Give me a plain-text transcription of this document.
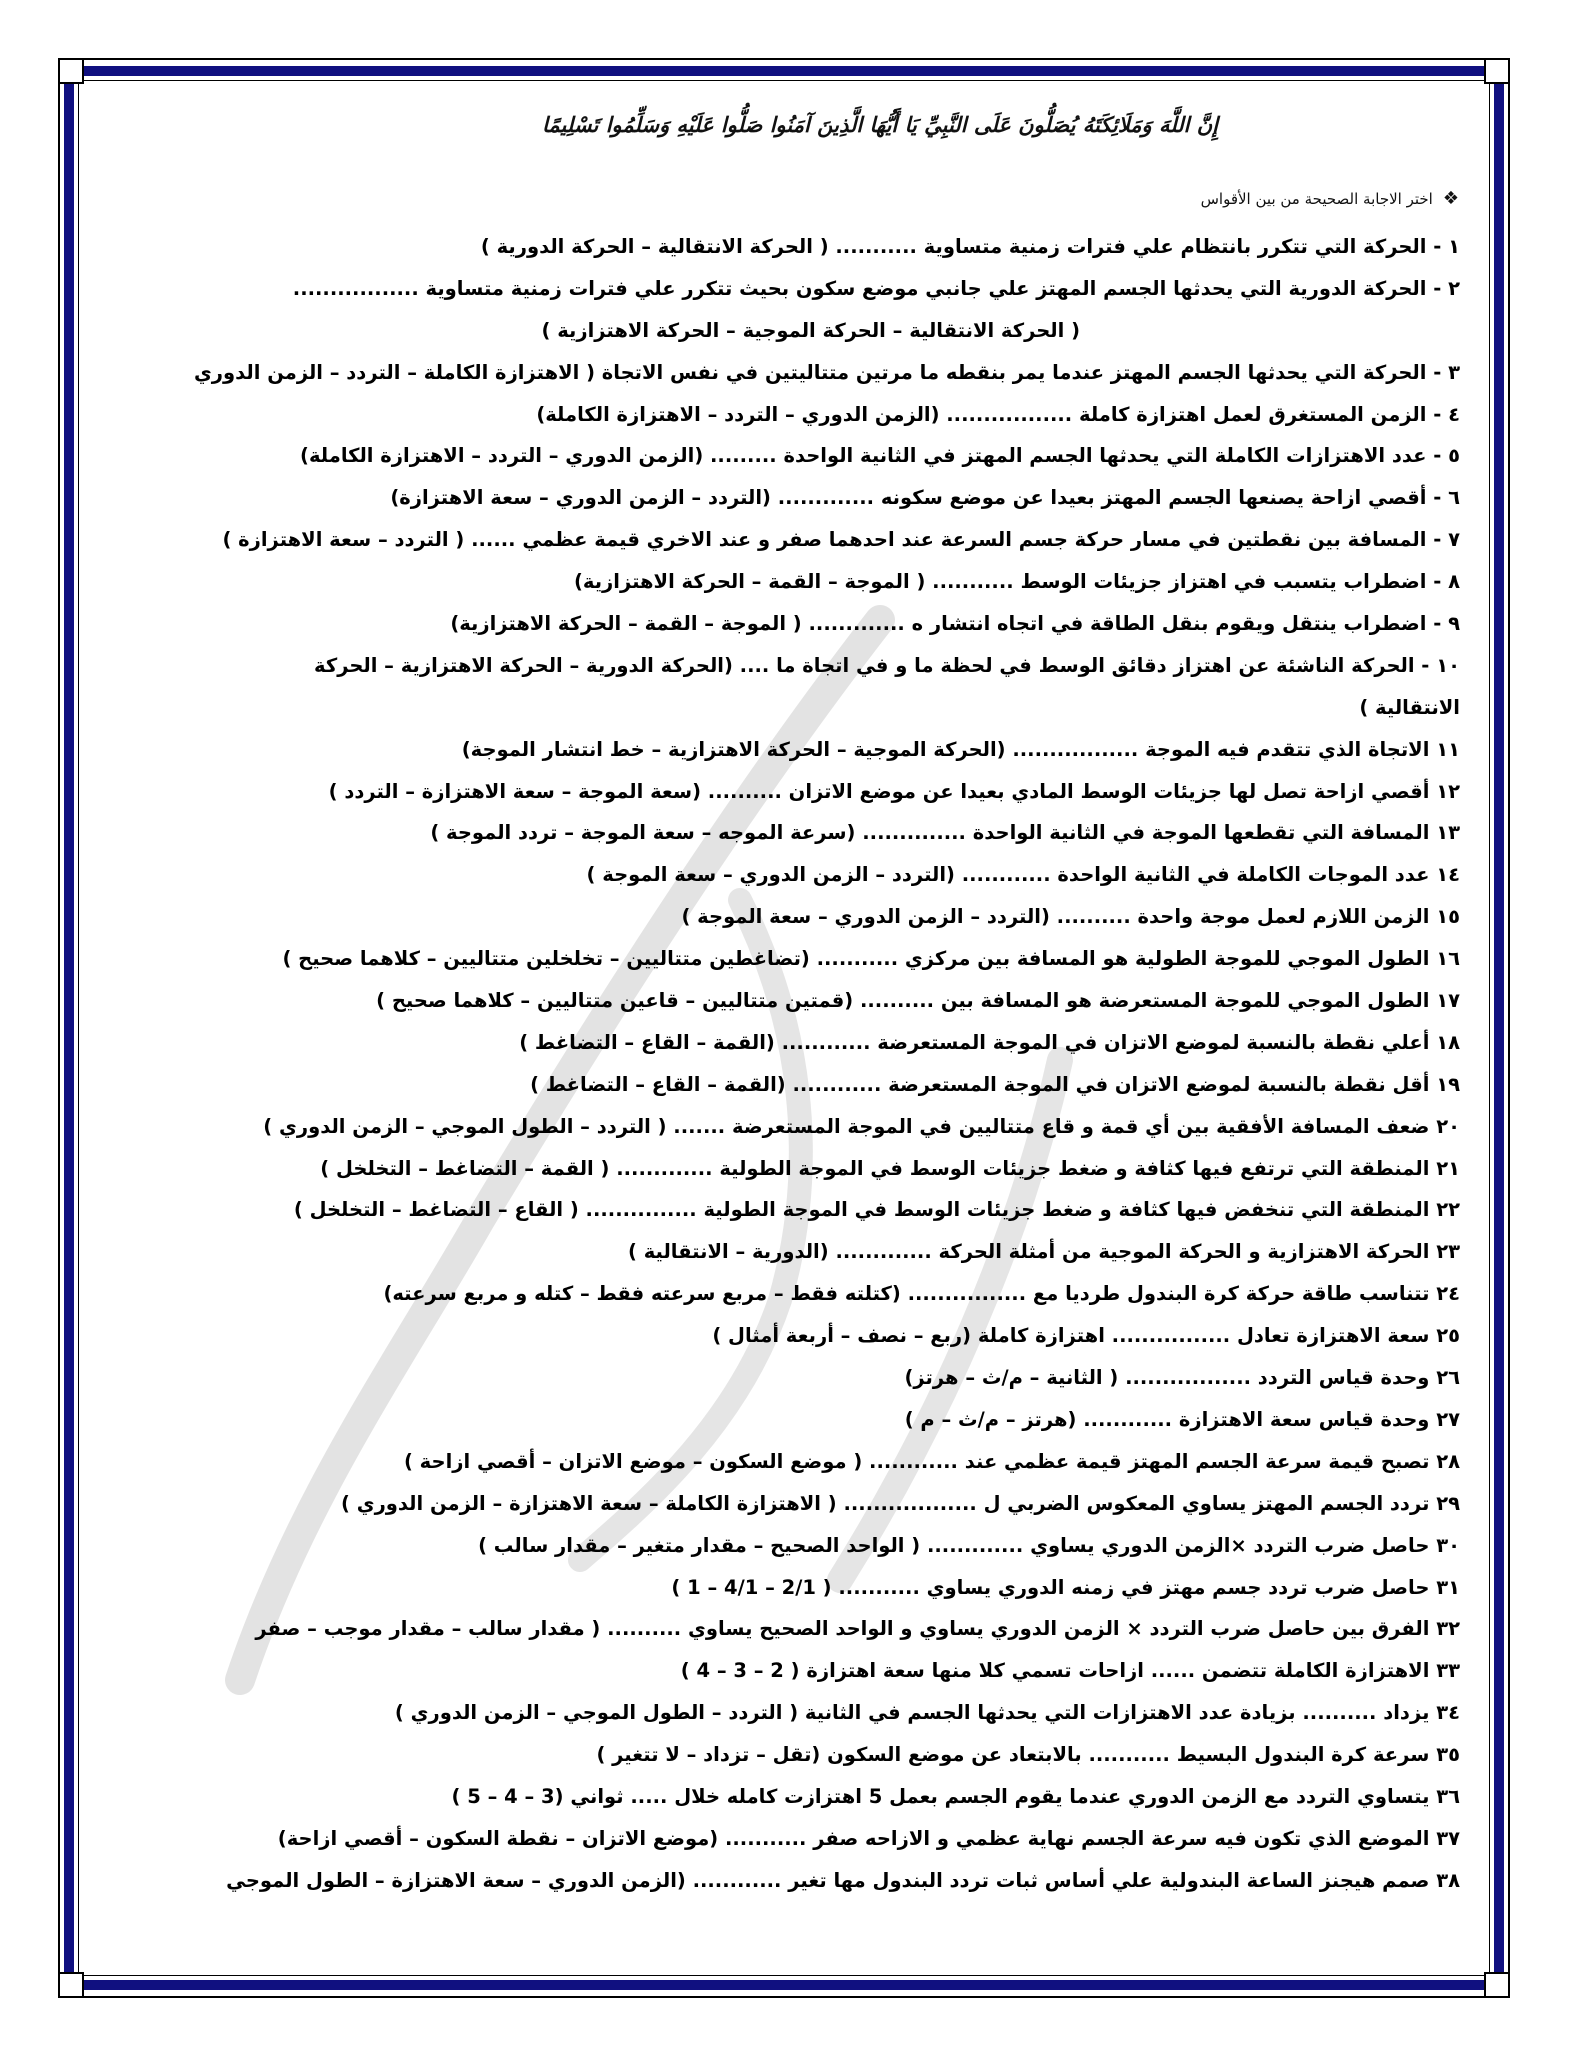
إِنَّ اللَّهَ وَمَلَائِكَتَهُ يُصَلُّونَ عَلَى النَّبِيِّ يَا أَيُّهَا الَّذِينَ آمَنُوا صَلُّوا عَلَيْهِ وَسَلِّمُوا تَسْلِيمًا
❖
اختر الاجابة الصحيحة من بين الأقواس
١ - الحركة التي تتكرر بانتظام علي فترات زمنية متساوية ........... ( الحركة الانتقالية – الحركة الدورية )
٢ - الحركة الدورية التي يحدثها الجسم المهتز علي جانبي موضع سكون بحيث تتكرر علي فترات زمنية متساوية .................
( الحركة الانتقالية – الحركة الموجية – الحركة الاهتزازية )
٣ - الحركة التي يحدثها الجسم المهتز عندما يمر بنقطه ما مرتين متتاليتين في نفس الاتجاة ( الاهتزازة الكاملة – التردد – الزمن الدوري
٤ - الزمن المستغرق لعمل اهتزازة كاملة ................. (الزمن الدوري – التردد – الاهتزازة الكاملة)
٥ - عدد الاهتزازات الكاملة التي يحدثها الجسم المهتز في الثانية الواحدة ......... (الزمن الدوري – التردد – الاهتزازة الكاملة)
٦ - أقصي ازاحة يصنعها الجسم المهتز بعيدا عن موضع سكونه ............. (التردد – الزمن الدوري – سعة الاهتزازة)
٧ - المسافة بين نقطتين في مسار حركة جسم السرعة عند احدهما صفر و عند الاخري قيمة عظمي ...... ( التردد – سعة الاهتزازة )
٨ - اضطراب يتسبب في اهتزاز جزيئات الوسط ........... ( الموجة – القمة – الحركة الاهتزازية)
٩ - اضطراب ينتقل ويقوم بنقل الطاقة في اتجاه انتشار ه ............. ( الموجة – القمة – الحركة الاهتزازية)
١٠ - الحركة الناشئة عن اهتزاز دقائق الوسط في لحظة ما و في اتجاة ما .... (الحركة الدورية – الحركة الاهتزازية – الحركة
الانتقالية )
١١ الاتجاة الذي تتقدم فيه الموجة ................. (الحركة الموجية – الحركة الاهتزازية – خط انتشار الموجة)
١٢ أقصي ازاحة تصل لها جزيئات الوسط المادي بعيدا عن موضع الاتزان .......... (سعة الموجة – سعة الاهتزازة – التردد )
١٣ المسافة التي تقطعها الموجة في الثانية الواحدة .............. (سرعة الموجه – سعة الموجة – تردد الموجة )
١٤ عدد الموجات الكاملة في الثانية الواحدة ............ (التردد – الزمن الدوري – سعة الموجة )
١٥ الزمن اللازم لعمل موجة واحدة .......... (التردد – الزمن الدوري – سعة الموجة )
١٦ الطول الموجي للموجة الطولية هو المسافة بين مركزي ........... (تضاغطين متتاليين – تخلخلين متتاليين – كلاهما صحيح )
١٧ الطول الموجي للموجة المستعرضة هو المسافة بين .......... (قمتين متتاليين – قاعين متتاليين – كلاهما صحيح )
١٨ أعلي نقطة بالنسبة لموضع الاتزان في الموجة المستعرضة ............ (القمة – القاع – التضاغط )
١٩ أقل نقطة بالنسبة لموضع الاتزان في الموجة المستعرضة ............ (القمة – القاع – التضاغط )
٢٠ ضعف المسافة الأفقية بين أي قمة و قاع متتاليين في الموجة المستعرضة ....... ( التردد – الطول الموجي – الزمن الدوري )
٢١ المنطقة التي ترتفع فيها كثافة و ضغط جزيئات الوسط في الموجة الطولية ............. ( القمة – التضاغط – التخلخل )
٢٢ المنطقة التي تنخفض فيها كثافة و ضغط جزيئات الوسط في الموجة الطولية ............... ( القاع – التضاغط – التخلخل )
٢٣ الحركة الاهتزازية و الحركة الموجية من أمثلة الحركة ............. (الدورية – الانتقالية )
٢٤ تتناسب طاقة حركة كرة البندول طرديا مع ................ (كتلته فقط – مربع سرعته فقط – كتله و مربع سرعته)
٢٥ سعة الاهتزازة تعادل ................ اهتزازة كاملة (ربع – نصف – أربعة أمثال )
٢٦ وحدة قياس التردد ................. ( الثانية – م/ث – هرتز)
٢٧ وحدة قياس سعة الاهتزازة ............ (هرتز – م/ث – م )
٢٨ تصبح قيمة سرعة الجسم المهتز قيمة عظمي عند ............ ( موضع السكون – موضع الاتزان – أقصي ازاحة )
٢٩ تردد الجسم المهتز يساوي المعكوس الضربي ل .................. ( الاهتزازة الكاملة – سعة الاهتزازة – الزمن الدوري )
٣٠ حاصل ضرب التردد ×الزمن الدوري يساوي ............. ( الواحد الصحيح – مقدار متغير – مقدار سالب )
٣١ حاصل ضرب تردد جسم مهتز في زمنه الدوري يساوي ........... ( 2/1 – 4/1 – 1 )
٣٢ الفرق بين حاصل ضرب التردد × الزمن الدوري يساوي و الواحد الصحيح يساوي .......... ( مقدار سالب – مقدار موجب – صفر
٣٣ الاهتزازة الكاملة تتضمن ...... ازاحات تسمي كلا منها سعة اهتزازة ( 2 – 3 – 4 )
٣٤ يزداد .......... بزيادة عدد الاهتزازات التي يحدثها الجسم في الثانية ( التردد – الطول الموجي – الزمن الدوري )
٣٥ سرعة كرة البندول البسيط ........... بالابتعاد عن موضع السكون (تقل – تزداد – لا تتغير )
٣٦ يتساوي التردد مع الزمن الدوري عندما يقوم الجسم بعمل 5 اهتزازت كامله خلال ..... ثواني (3 – 4 – 5 )
٣٧ الموضع الذي تكون فيه سرعة الجسم نهاية عظمي و الازاحه صفر ........... (موضع الاتزان – نقطة السكون – أقصي ازاحة)
٣٨ صمم هيجنز الساعة البندولية علي أساس ثبات تردد البندول مها تغير ............ (الزمن الدوري – سعة الاهتزازة – الطول الموجي
